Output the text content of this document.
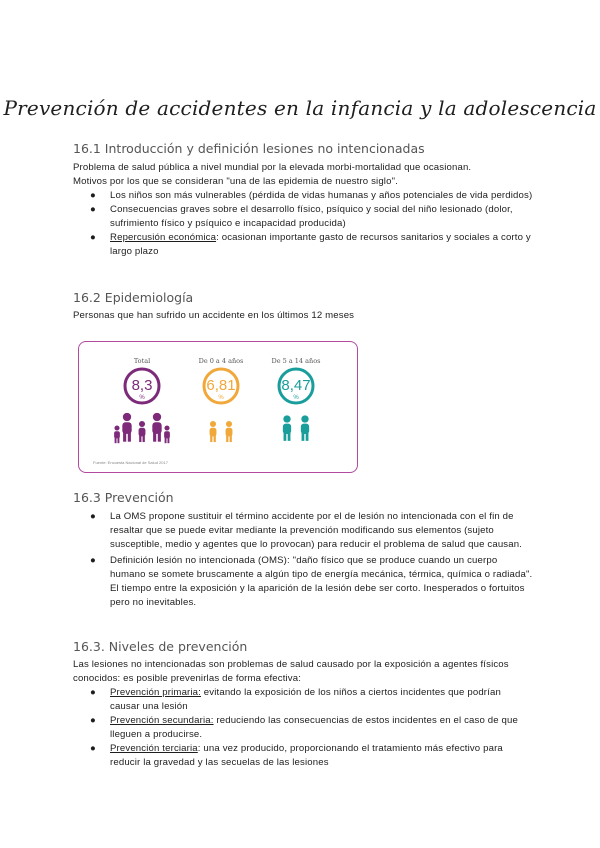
Prevención de accidentes en la infancia y la adolescencia
16.1 Introducción y definición lesiones no intencionadas
Problema de salud pública a nivel mundial por la elevada morbi-mortalidad que ocasionan.
Motivos por los que se consideran "una de las epidemia de nuestro siglo".
● Los niños son más vulnerables (pérdida de vidas humanas y años potenciales de vida perdidos)
● Consecuencias graves sobre el desarrollo físico, psíquico y social del niño lesionado (dolor, sufrimiento físico y psíquico e incapacidad producida)
● Repercusión económica: ocasionan importante gasto de recursos sanitarios y sociales a corto y largo plazo
16.2 Epidemiología
Personas que han sufrido un accidente en los últimos 12 meses
Total
8,3
%
De 0 a 4 años
6,81
%
De 5 a 14 años
8,47
%
Fuente: Encuesta Nacional de Salud 2017
16.3 Prevención
● La OMS propone sustituir el término accidente por el de lesión no intencionada con el fin de resaltar que se puede evitar mediante la prevención modificando sus elementos (sujeto susceptible, medio y agentes que lo provocan) para reducir el problema de salud que causan.
● Definición lesión no intencionada (OMS): "daño físico que se produce cuando un cuerpo humano se somete bruscamente a algún tipo de energía mecánica, térmica, química o radiada". El tiempo entre la exposición y la aparición de la lesión debe ser corto. Inesperados o fortuitos pero no inevitables.
16.3. Niveles de prevención
Las lesiones no intencionadas son problemas de salud causado por la exposición a agentes físicos conocidos: es posible prevenirlas de forma efectiva:
● Prevención primaria: evitando la exposición de los niños a ciertos incidentes que podrían causar una lesión
● Prevención secundaria: reduciendo las consecuencias de estos incidentes en el caso de que lleguen a producirse.
● Prevención terciaria: una vez producido, proporcionando el tratamiento más efectivo para reducir la gravedad y las secuelas de las lesiones
